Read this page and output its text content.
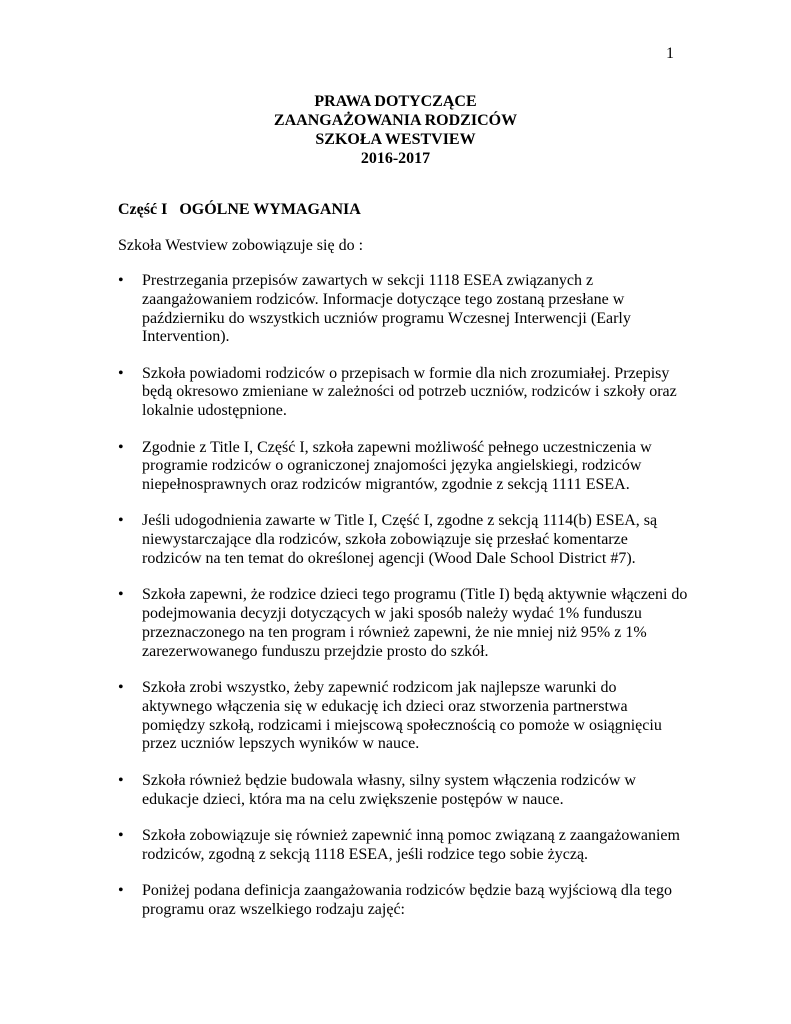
1
PRAWA DOTYCZĄCE
ZAANGAŻOWANIA RODZICÓW
SZKOŁA WESTVIEW
2016-2017
Część I   OGÓLNE WYMAGANIA
Szkoła Westview zobowiązuje się do :
• Prestrzegania przepisów zawartych w sekcji 1118 ESEA związanych z zaangażowaniem rodziców. Informacje dotyczące tego zostaną przesłane w październiku do wszystkich uczniów programu Wczesnej Interwencji (Early Intervention).
• Szkoła powiadomi rodziców o przepisach w formie dla nich zrozumiałej. Przepisy będą okresowo zmieniane w zależności od potrzeb uczniów, rodziców i szkoły oraz lokalnie udostępnione.
• Zgodnie z Title I, Część I, szkoła zapewni możliwość pełnego uczestniczenia w programie rodziców o ograniczonej znajomości języka angielskiegi, rodziców niepełnosprawnych oraz rodziców migrantów, zgodnie z sekcją 1111 ESEA.
• Jeśli udogodnienia zawarte w Title I, Część I, zgodne z sekcją 1114(b) ESEA, są niewystarczające dla rodziców, szkoła zobowiązuje się przesłać komentarze rodziców na ten temat do określonej agencji (Wood Dale School District #7).
• Szkoła zapewni, że rodzice dzieci tego programu (Title I) będą aktywnie włączeni do podejmowania decyzji dotyczących w jaki sposób należy wydać 1% funduszu przeznaczonego na ten program i również zapewni, że nie mniej niż 95% z 1% zarezerwowanego funduszu przejdzie prosto do szkół.
• Szkoła zrobi wszystko, żeby zapewnić rodzicom jak najlepsze warunki do aktywnego włączenia się w edukację ich dzieci oraz stworzenia partnerstwa pomiędzy szkołą, rodzicami i miejscową społecznością co pomoże w osiągnięciu przez uczniów lepszych wyników w nauce.
• Szkoła również będzie budowala własny, silny system włączenia rodziców w edukacje dzieci, która ma na celu zwiększenie postępów w nauce.
• Szkoła zobowiązuje się również zapewnić inną pomoc związaną z zaangażowaniem rodziców, zgodną z sekcją 1118 ESEA, jeśli rodzice tego sobie życzą.
• Poniżej podana definicja zaangażowania rodziców będzie bazą wyjściową dla tego programu oraz wszelkiego rodzaju zajęć:
